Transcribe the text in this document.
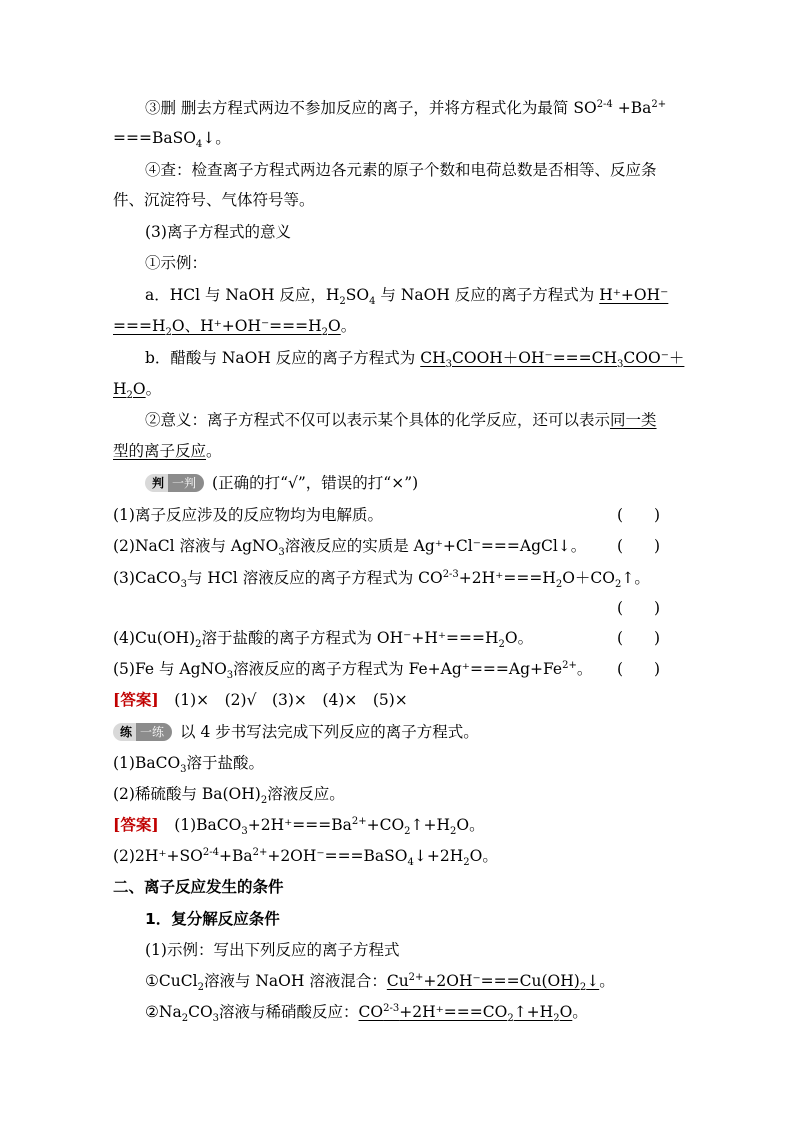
③删 删去方程式两边不参加反应的离子，并将方程式化为最简 $SO^{2-4} +Ba^{2+}$
===BaSO$_4$↓。
④查：检查离子方程式两边各元素的原子个数和电荷总数是否相等、反应条
件、沉淀符号、气体符号等。
(3)离子方程式的意义
①示例：
a．HCl 与 NaOH 反应，$H_2SO_4$ 与 NaOH 反应的离子方程式为 H⁺+OH⁻
$===H_2O$、$H^++OH^-===H_2O$。
b．醋酸与 NaOH 反应的离子方程式为 $CH_3COOH+OH^-===CH_3COO^-+$
$H_2O$。
②意义：离子方程式不仅可以表示某个具体的化学反应，还可以表示同一类
型的离子反应。
判 一判 (正确的打“√”，错误的打“×”)
(1)离子反应涉及的反应物均为电解质。	(　　)
(2)NaCl 溶液与 AgNO$_3$溶液反应的实质是 Ag⁺+Cl⁻===AgCl↓。	(　　)
(3)CaCO$_3$与 HCl 溶液反应的离子方程式为 $CO^{2-3}+2H^+===H_2O+CO_2↑$。
(　　)
$(4)Cu(OH)_2$溶于盐酸的离子方程式为 $OH^-+H^+===H_2O$。	(　　)
(5)Fe 与 AgNO$_3$溶液反应的离子方程式为 $Fe+Ag^+===Ag+Fe^{2+}$。	(　　)
[答案]　 (1)×　(2)√　(3)×　(4)×　(5)×
练 一练 以 4 步书写法完成下列反应的离子方程式。
(1)BaCO$_3$溶于盐酸。
(2)稀硫酸与 $Ba(OH)_2$溶液反应。
[答案]　 $(1)BaCO_3+2H^+===Ba^{2+}+CO_2↑+H_2O$。
$(2)2H^++SO^{2-4}+Ba^{2+}+2OH^-===BaSO_4↓+2H_2O$。
二、离子反应发生的条件
1．复分解反应条件
(1)示例：写出下列反应的离子方程式
①CuCl$_2$溶液与 NaOH 溶液混合：$Cu^{2+}+2OH^-===Cu(OH)_2↓$。
$②Na_2CO_3$溶液与稀硝酸反应：$CO^{2-3}+2H^+===CO_2↑+H_2O$。
